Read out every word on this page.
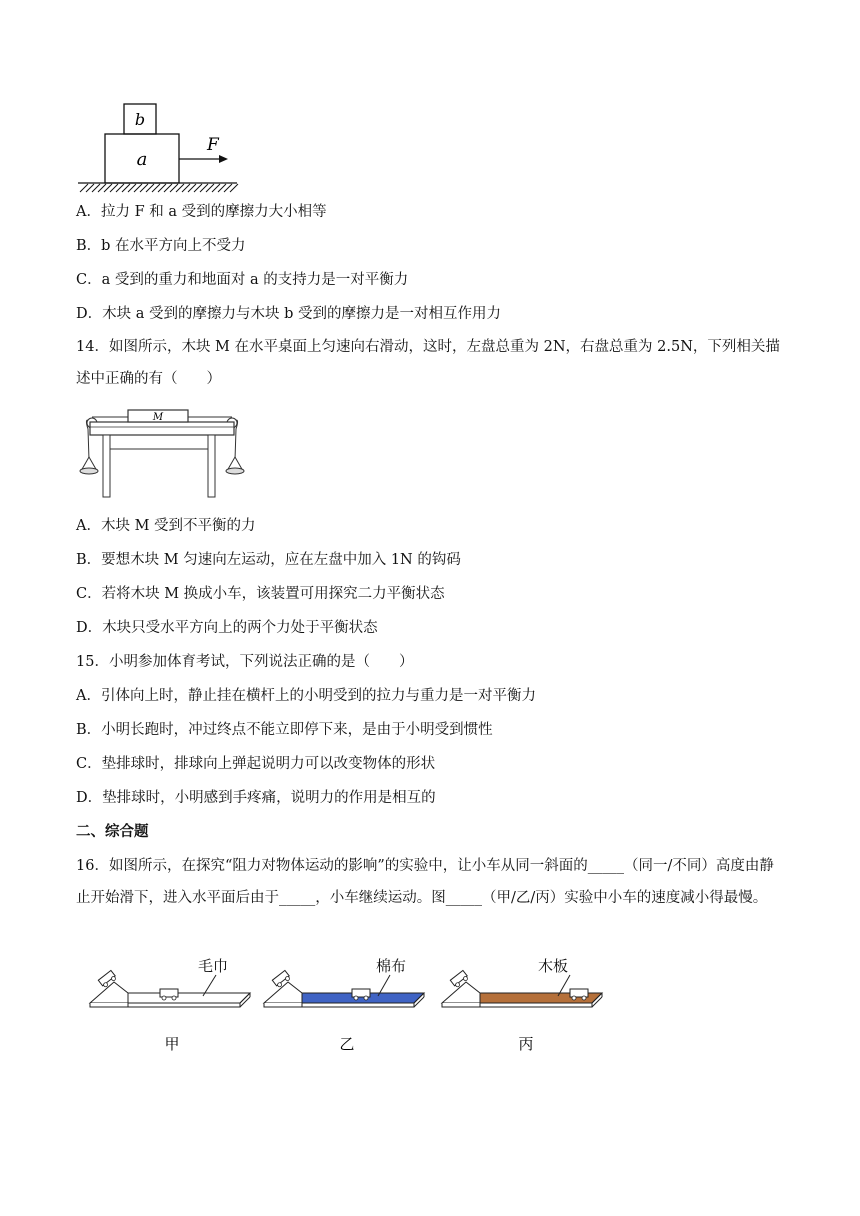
b
a
F
A．拉力 F 和 a 受到的摩擦力大小相等
B．b 在水平方向上不受力
C．a 受到的重力和地面对 a 的支持力是一对平衡力
D．木块 a 受到的摩擦力与木块 b 受到的摩擦力是一对相互作用力
14．如图所示，木块 M 在水平桌面上匀速向右滑动，这时，左盘总重为 2N，右盘总重为 2.5N，下列相关描述中正确的有（　　）
M
A．木块 M 受到不平衡的力
B．要想木块 M 匀速向左运动，应在左盘中加入 1N 的钩码
C．若将木块 M 换成小车，该装置可用探究二力平衡状态
D．木块只受水平方向上的两个力处于平衡状态
15．小明参加体育考试，下列说法正确的是（　　）
A．引体向上时，静止挂在横杆上的小明受到的拉力与重力是一对平衡力
B．小明长跑时，冲过终点不能立即停下来，是由于小明受到惯性
C．垫排球时，排球向上弹起说明力可以改变物体的形状
D．垫排球时，小明感到手疼痛，说明力的作用是相互的
二、综合题
16．如图所示，在探究“阻力对物体运动的影响”的实验中，让小车从同一斜面的_____（同一/不同）高度由静止开始滑下，进入水平面后由于_____，小车继续运动。图_____（甲/乙/丙）实验中小车的速度减小得最慢。
毛巾
甲
棉布
乙
木板
丙
